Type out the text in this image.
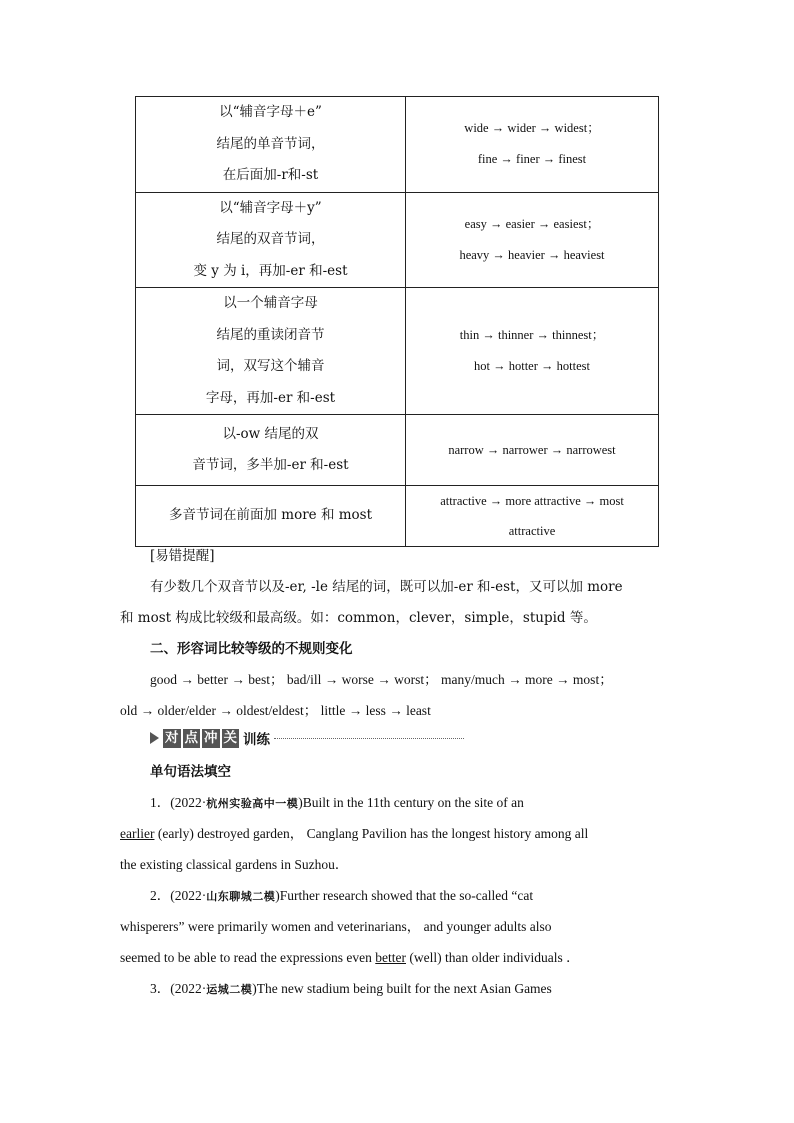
以“辅音字母＋e”
结尾的单音节词，
在后面加-r和-st	wide → wider → widest；
fine → finer → finest

以“辅音字母＋y”
结尾的双音节词，
变 y 为 i，再加-er 和-est	easy → easier → easiest；
heavy → heavier → heaviest

以一个辅音字母
结尾的重读闭音节
词，双写这个辅音
字母，再加-er 和-est	thin → thinner → thinnest；
hot → hotter → hottest

以-ow 结尾的双
音节词，多半加-er 和-est	narrow → narrower → narrowest

多音节词在前面加 more 和 most	attractive → more attractive → most
attractive
[易错提醒]
有少数几个双音节以及-er, -le 结尾的词，既可以加-er 和-est，又可以加 more
和 most 构成比较级和最高级。如：common，clever，simple，stupid 等。
二、形容词比较等级的不规则变化
good → better → best； bad/ill → worse → worst； many/much → more → most；
old → older/elder → oldest/eldest； little → less → least
对 点 冲 关 训练
单句语法填空
1．(2022·杭州实验高中一模)Built in the 11th century on the site of an
earlier (early) destroyed garden， Canglang Pavilion has the longest history among all
the existing classical gardens in Suzhou．
2．(2022·山东聊城二模)Further research showed that the so-called “cat
whisperers” were primarily women and veterinarians， and younger adults also
seemed to be able to read the expressions even better (well) than older individuals ．
3．(2022·运城二模)The new stadium being built for the next Asian Games
